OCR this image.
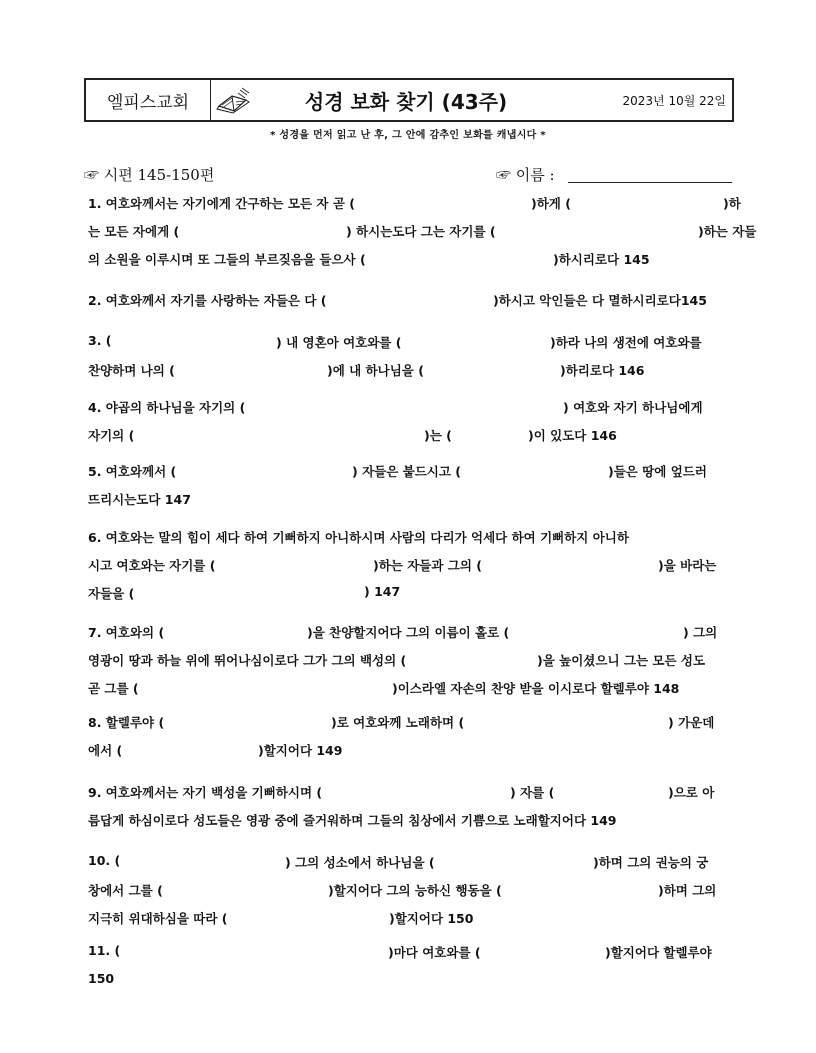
엘피스교회	성경 보화 찾기 (43주)	2023년 10월 22일
* 성경을 먼저 읽고 난 후, 그 안에 감추인 보화를 캐냅시다 *
☞ 시편 145-150편	☞ 이름 :
1. 여호와께서는 자기에게 간구하는 모든 자 곧 (	)하게 (	)하
는 모든 자에게 (	) 하시는도다 그는 자기를 (	)하는 자들
의 소원을 이루시며 또 그들의 부르짖음을 들으사 (	)하시리로다 145
2. 여호와께서 자기를 사랑하는 자들은 다 (	)하시고 악인들은 다 멸하시리로다145
3. (	) 내 영혼아 여호와를 (	)하라 나의 생전에 여호와를
찬양하며 나의 (	)에 내 하나님을 (	)하리로다 146
4. 야곱의 하나님을 자기의 (	) 여호와 자기 하나님에게
자기의 (	)는 (	)이 있도다 146
5. 여호와께서 (	) 자들은 붙드시고 (	)들은 땅에 엎드러
뜨리시는도다 147
6. 여호와는 말의 힘이 세다 하여 기뻐하지 아니하시며 사람의 다리가 억세다 하여 기뻐하지 아니하
시고 여호와는 자기를 (	)하는 자들과 그의 (	)을 바라는
자들을 (	) 147
7. 여호와의 (	)을 찬양할지어다 그의 이름이 홀로 (	) 그의
영광이 땅과 하늘 위에 뛰어나심이로다 그가 그의 백성의 (	)을 높이셨으니 그는 모든 성도
곧 그를 (	)이스라엘 자손의 찬양 받을 이시로다 할렐루야 148
8. 할렐루야 (	)로 여호와께 노래하며 (	) 가운데
에서 (	)할지어다 149
9. 여호와께서는 자기 백성을 기뻐하시며 (	) 자를 (	)으로 아
름답게 하심이로다 성도들은 영광 중에 즐거워하며 그들의 침상에서 기쁨으로 노래할지어다 149
10. (	) 그의 성소에서 하나님을 (	)하며 그의 권능의 궁
창에서 그를 (	)할지어다 그의 능하신 행동을 (	)하며 그의
지극히 위대하심을 따라 (	)할지어다 150
11. (	)마다 여호와를 (	)할지어다 할렐루야
150
